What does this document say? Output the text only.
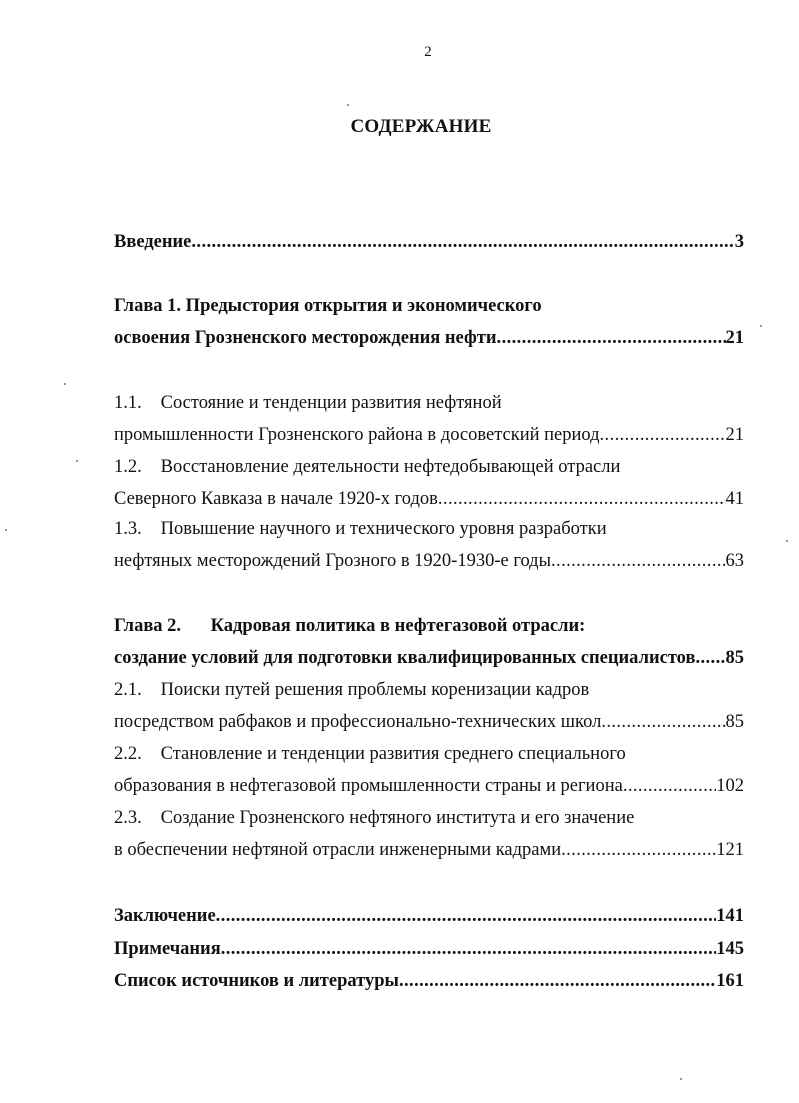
2
СОДЕРЖАНИЕ
Введение .....	3
Глава 1. Предыстория открытия и экономического
освоения Грозненского месторождения нефти .....	21
1.1. Состояние и тенденции развития нефтяной
промышленности Грозненского района в досоветский период .....	21
1.2. Восстановление деятельности нефтедобывающей отрасли
Северного Кавказа в начале 1920-х годов .....	41
1.3. Повышение научного и технического уровня разработки
нефтяных месторождений Грозного в 1920-1930-е годы .....	63
Глава 2. Кадровая политика в нефтегазовой отрасли:
создание условий для подготовки квалифицированных специалистов ..... 85
2.1. Поиски путей решения проблемы коренизации кадров
посредством рабфаков и профессионально-технических школ .....	85
2.2. Становление и тенденции развития среднего специального
образования в нефтегазовой промышленности страны и региона .....	102
2.3. Создание Грозненского нефтяного института и его значение
в обеспечении нефтяной отрасли инженерными кадрами .....	121
Заключение .....	141
Примечания .....	145
Список источников и литературы .....	161
